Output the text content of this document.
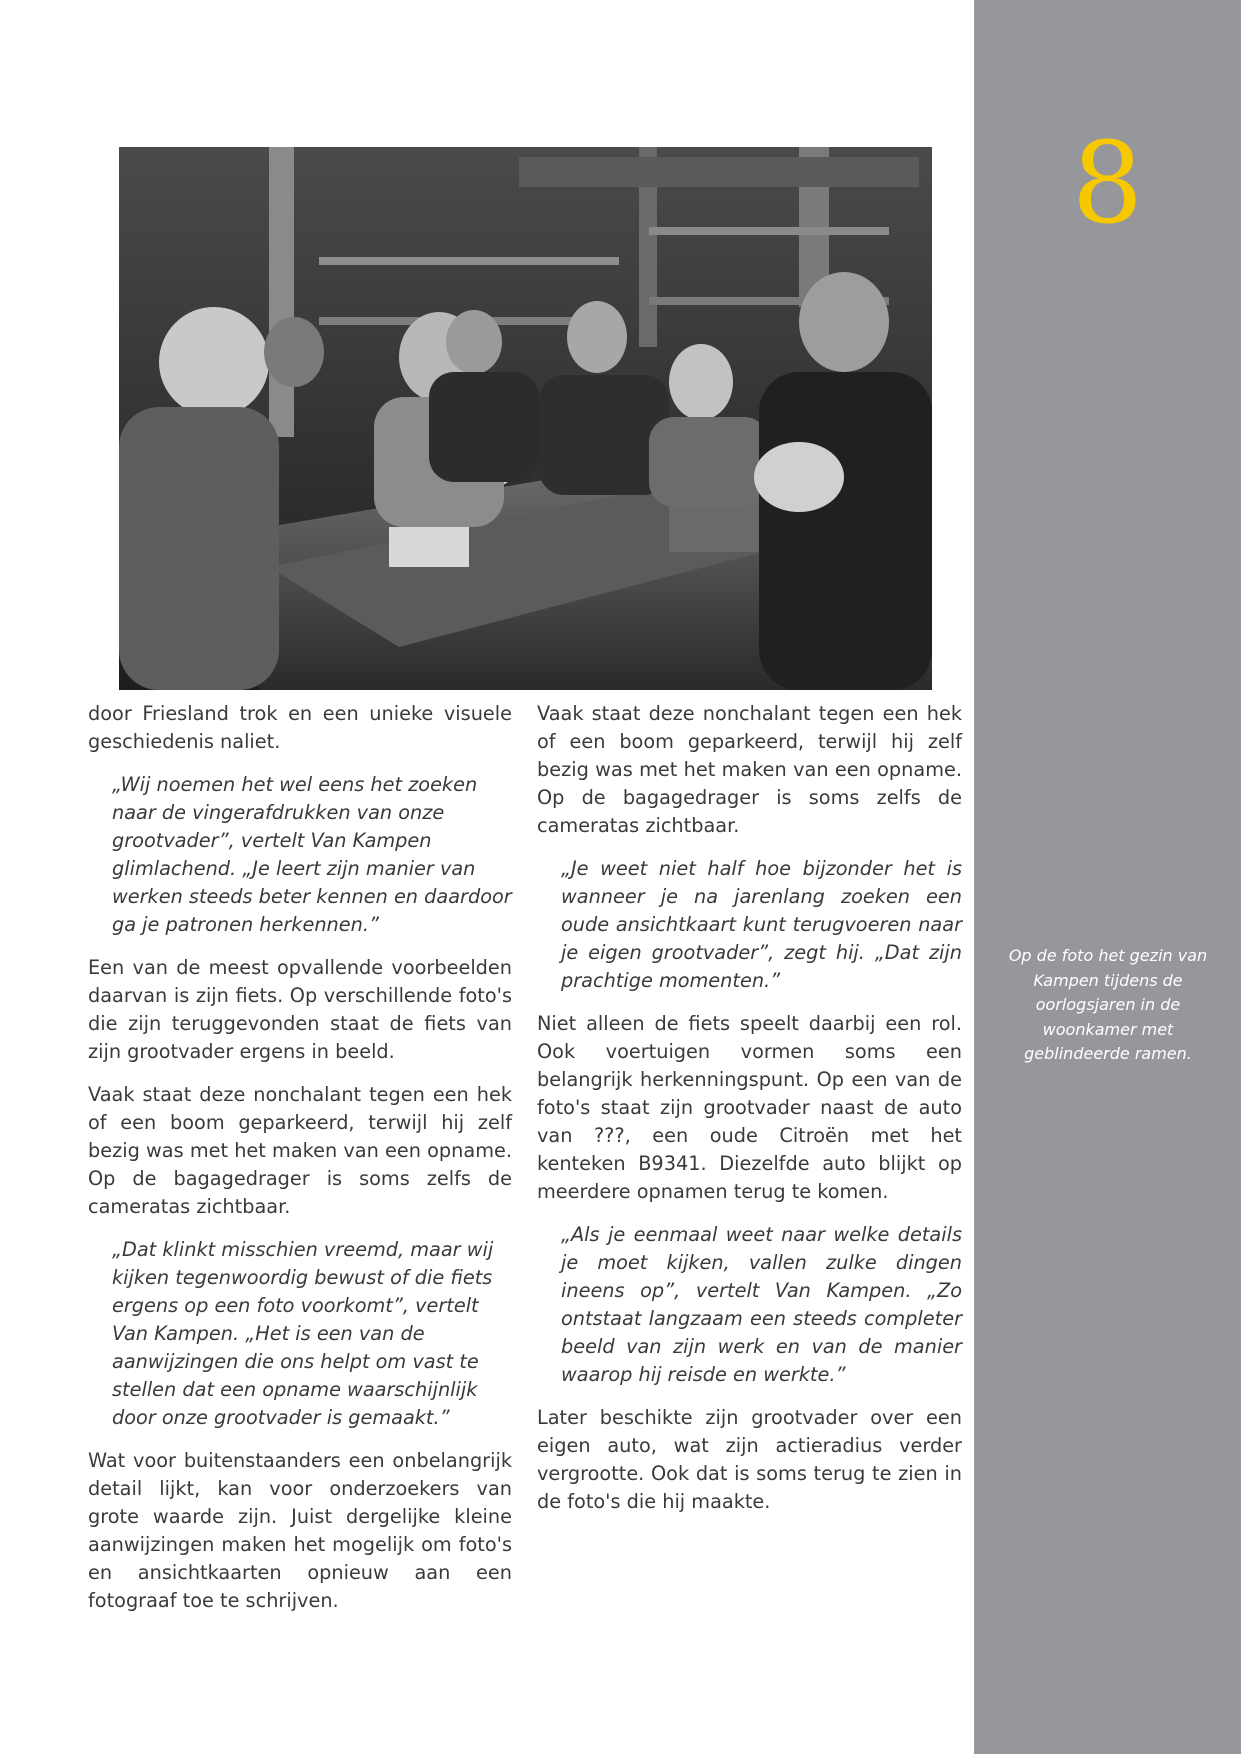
8
Op de foto het gezin van Kampen tijdens de oorlogsjaren in de woonkamer met geblindeerde ramen.

door Friesland trok en een unieke visuele geschiedenis naliet.

„Wij noemen het wel eens het zoeken naar de vingerafdrukken van onze grootvader”, vertelt Van Kampen glimlachend. „Je leert zijn manier van werken steeds beter kennen en daardoor ga je patronen herkennen.”

Een van de meest opvallende voorbeelden daarvan is zijn fiets. Op verschillende foto's die zijn teruggevonden staat de fiets van zijn grootvader ergens in beeld.

Vaak staat deze nonchalant tegen een hek of een boom geparkeerd, terwijl hij zelf bezig was met het maken van een opname. Op de bagagedrager is soms zelfs de cameratas zichtbaar.

„Dat klinkt misschien vreemd, maar wij kijken tegenwoordig bewust of die fiets ergens op een foto voorkomt”, vertelt Van Kampen. „Het is een van de aanwijzingen die ons helpt om vast te stellen dat een opname waarschijnlijk door onze grootvader is gemaakt.”

Wat voor buitenstaanders een onbelangrijk detail lijkt, kan voor onderzoekers van grote waarde zijn. Juist dergelijke kleine aanwijzingen maken het mogelijk om foto's en ansichtkaarten opnieuw aan een fotograaf toe te schrijven.

Vaak staat deze nonchalant tegen een hek of een boom geparkeerd, terwijl hij zelf bezig was met het maken van een opname. Op de bagagedrager is soms zelfs de cameratas zichtbaar.

„Je weet niet half hoe bijzonder het is wanneer je na jarenlang zoeken een oude ansichtkaart kunt terugvoeren naar je eigen grootvader”, zegt hij. „Dat zijn prachtige momenten.”

Niet alleen de fiets speelt daarbij een rol. Ook voertuigen vormen soms een belangrijk herkenningspunt. Op een van de foto's staat zijn grootvader naast de auto van ???, een oude Citroën met het kenteken B9341. Diezelfde auto blijkt op meerdere opnamen terug te komen.

„Als je eenmaal weet naar welke details je moet kijken, vallen zulke dingen ineens op”, vertelt Van Kampen. „Zo ontstaat langzaam een steeds completer beeld van zijn werk en van de manier waarop hij reisde en werkte.”

Later beschikte zijn grootvader over een eigen auto, wat zijn actieradius verder vergrootte. Ook dat is soms terug te zien in de foto's die hij maakte.
